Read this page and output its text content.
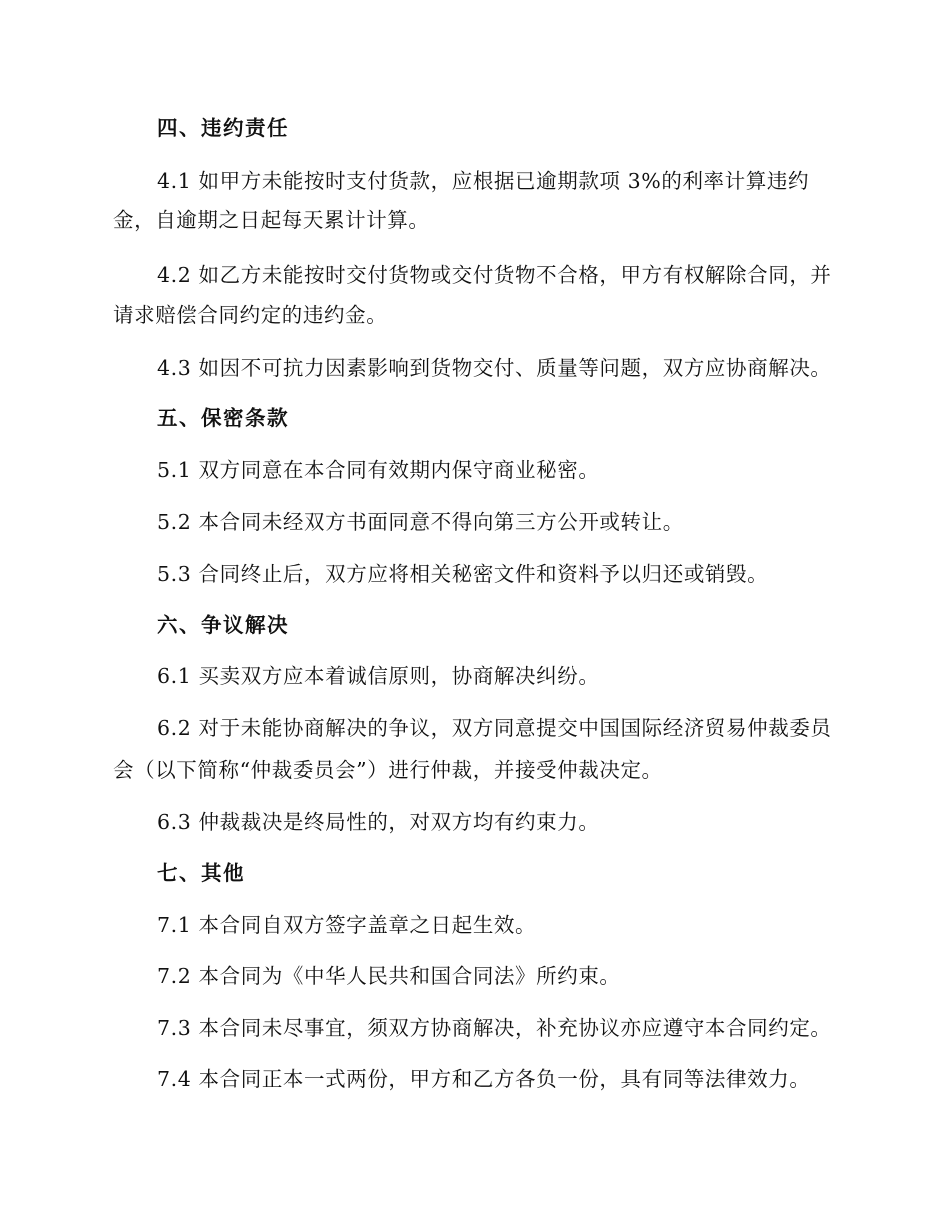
四、违约责任
4.1 如甲方未能按时支付货款，应根据已逾期款项 3%的利率计算违约
金，自逾期之日起每天累计计算。
4.2 如乙方未能按时交付货物或交付货物不合格，甲方有权解除合同，并
请求赔偿合同约定的违约金。
4.3 如因不可抗力因素影响到货物交付、质量等问题，双方应协商解决。
五、保密条款
5.1 双方同意在本合同有效期内保守商业秘密。
5.2 本合同未经双方书面同意不得向第三方公开或转让。
5.3 合同终止后，双方应将相关秘密文件和资料予以归还或销毁。
六、争议解决
6.1 买卖双方应本着诚信原则，协商解决纠纷。
6.2 对于未能协商解决的争议，双方同意提交中国国际经济贸易仲裁委员
会（以下简称“仲裁委员会”）进行仲裁，并接受仲裁决定。
6.3 仲裁裁决是终局性的，对双方均有约束力。
七、其他
7.1 本合同自双方签字盖章之日起生效。
7.2 本合同为《中华人民共和国合同法》所约束。
7.3 本合同未尽事宜，须双方协商解决，补充协议亦应遵守本合同约定。
7.4 本合同正本一式两份，甲方和乙方各负一份，具有同等法律效力。
